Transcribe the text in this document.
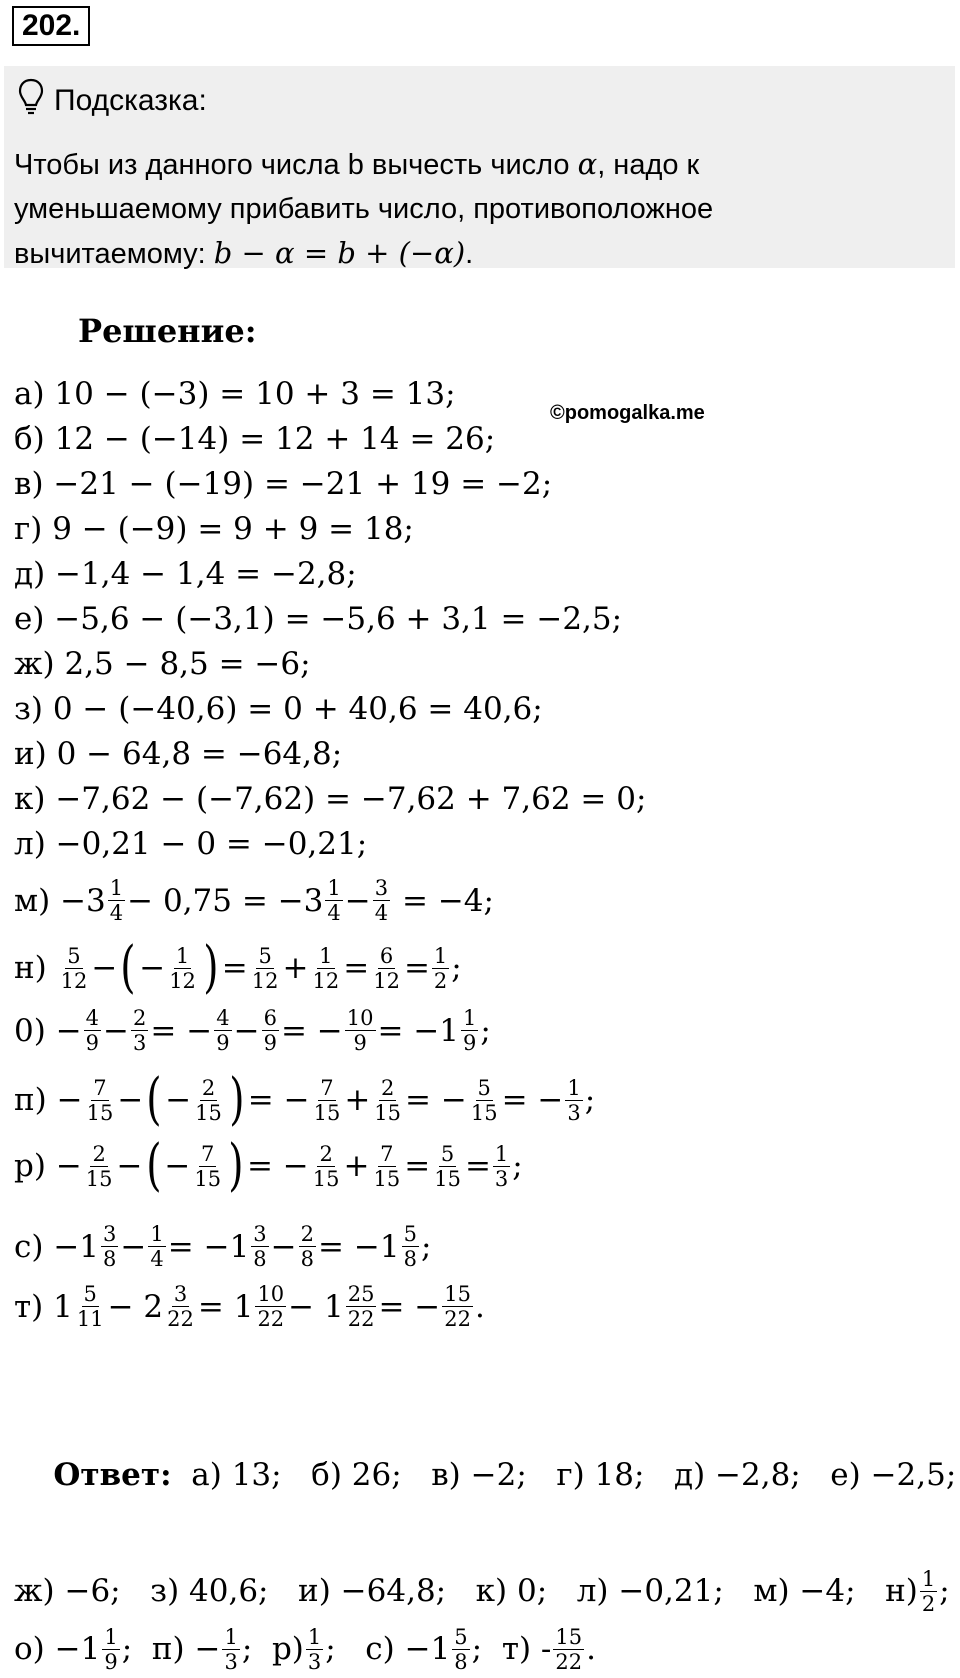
202.
Подсказка:
Чтобы из данного числа b вычесть число α, надо к
уменьшаемому прибавить число, противоположное
вычитаемому: b − α = b + (−α).
Решение:
©pomogalka.me
а) 10 − (−3) = 10 + 3 = 13;
б) 12 − (−14) = 12 + 14 = 26;
в) −21 − (−19) = −21 + 19 = −2;
г) 9 − (−9) = 9 + 9 = 18;
д) −1,4 − 1,4 = −2,8;
е) −5,6 − (−3,1) = −5,6 + 3,1 = −2,5;
ж) 2,5 − 8,5 = −6;
з) 0 − (−40,6) = 0 + 40,6 = 40,6;
и) 0 − 64,8 = −64,8;
к) −7,62 − (−7,62) = −7,62 + 7,62 = 0;
л) −0,21 − 0 = −0,21;
м)
$-3 \frac{1}{4} - 0,75 = -3 \frac{1}{4} - \frac{3}{4}$
= −4;
н)
$\frac{5}{12}$ − ( − $\frac{1}{12}$ ) = $\frac{5}{12} + \frac{1}{12} = \frac{6}{12} = \frac{1}{2}$ ;
0)
− $\frac{4}{9} - \frac{2}{3}$ = − $\frac{4}{9} - \frac{6}{9}$ = − $\frac{10}{9} = -1 \frac{1}{9}$ ;
п)
− $\frac{7}{15}$ − ( − $\frac{2}{15}$ ) = − $\frac{7}{15} + \frac{2}{15}$ = − $\frac{5}{15}$ = − $\frac{1}{3}$ ;
р)
− $\frac{2}{15}$ − ( − $\frac{7}{15}$ ) = − $\frac{2}{15} + \frac{7}{15} = \frac{5}{15} = \frac{1}{3}$ ;
с)
$-1 \frac{3}{8} - \frac{1}{4} = -1 \frac{3}{8} - \frac{2}{8} = -1 \frac{5}{8}$ ;
т)
$1 \frac{5}{11} - 2 \frac{3}{22} = 1 \frac{10}{22} - 1 \frac{25}{22}$ = − $\frac{15}{22}$ .

Ответ: а) 13;   б) 26;   в) −2;   г) 18;   д) −2,8;   е) −2,5;

ж) −6;   з) 40,6;   и) −64,8;   к) 0;   л) −0,21;   м) −4;   $н) \frac{1}{2}$ ;
$о) -1 \frac{1}{9}$ ;  $п) - \frac{1}{3}$ ;  $р) \frac{1}{3}$ ;   $с) -1 \frac{5}{8}$ ;  $т) - \frac{15}{22}$ .
